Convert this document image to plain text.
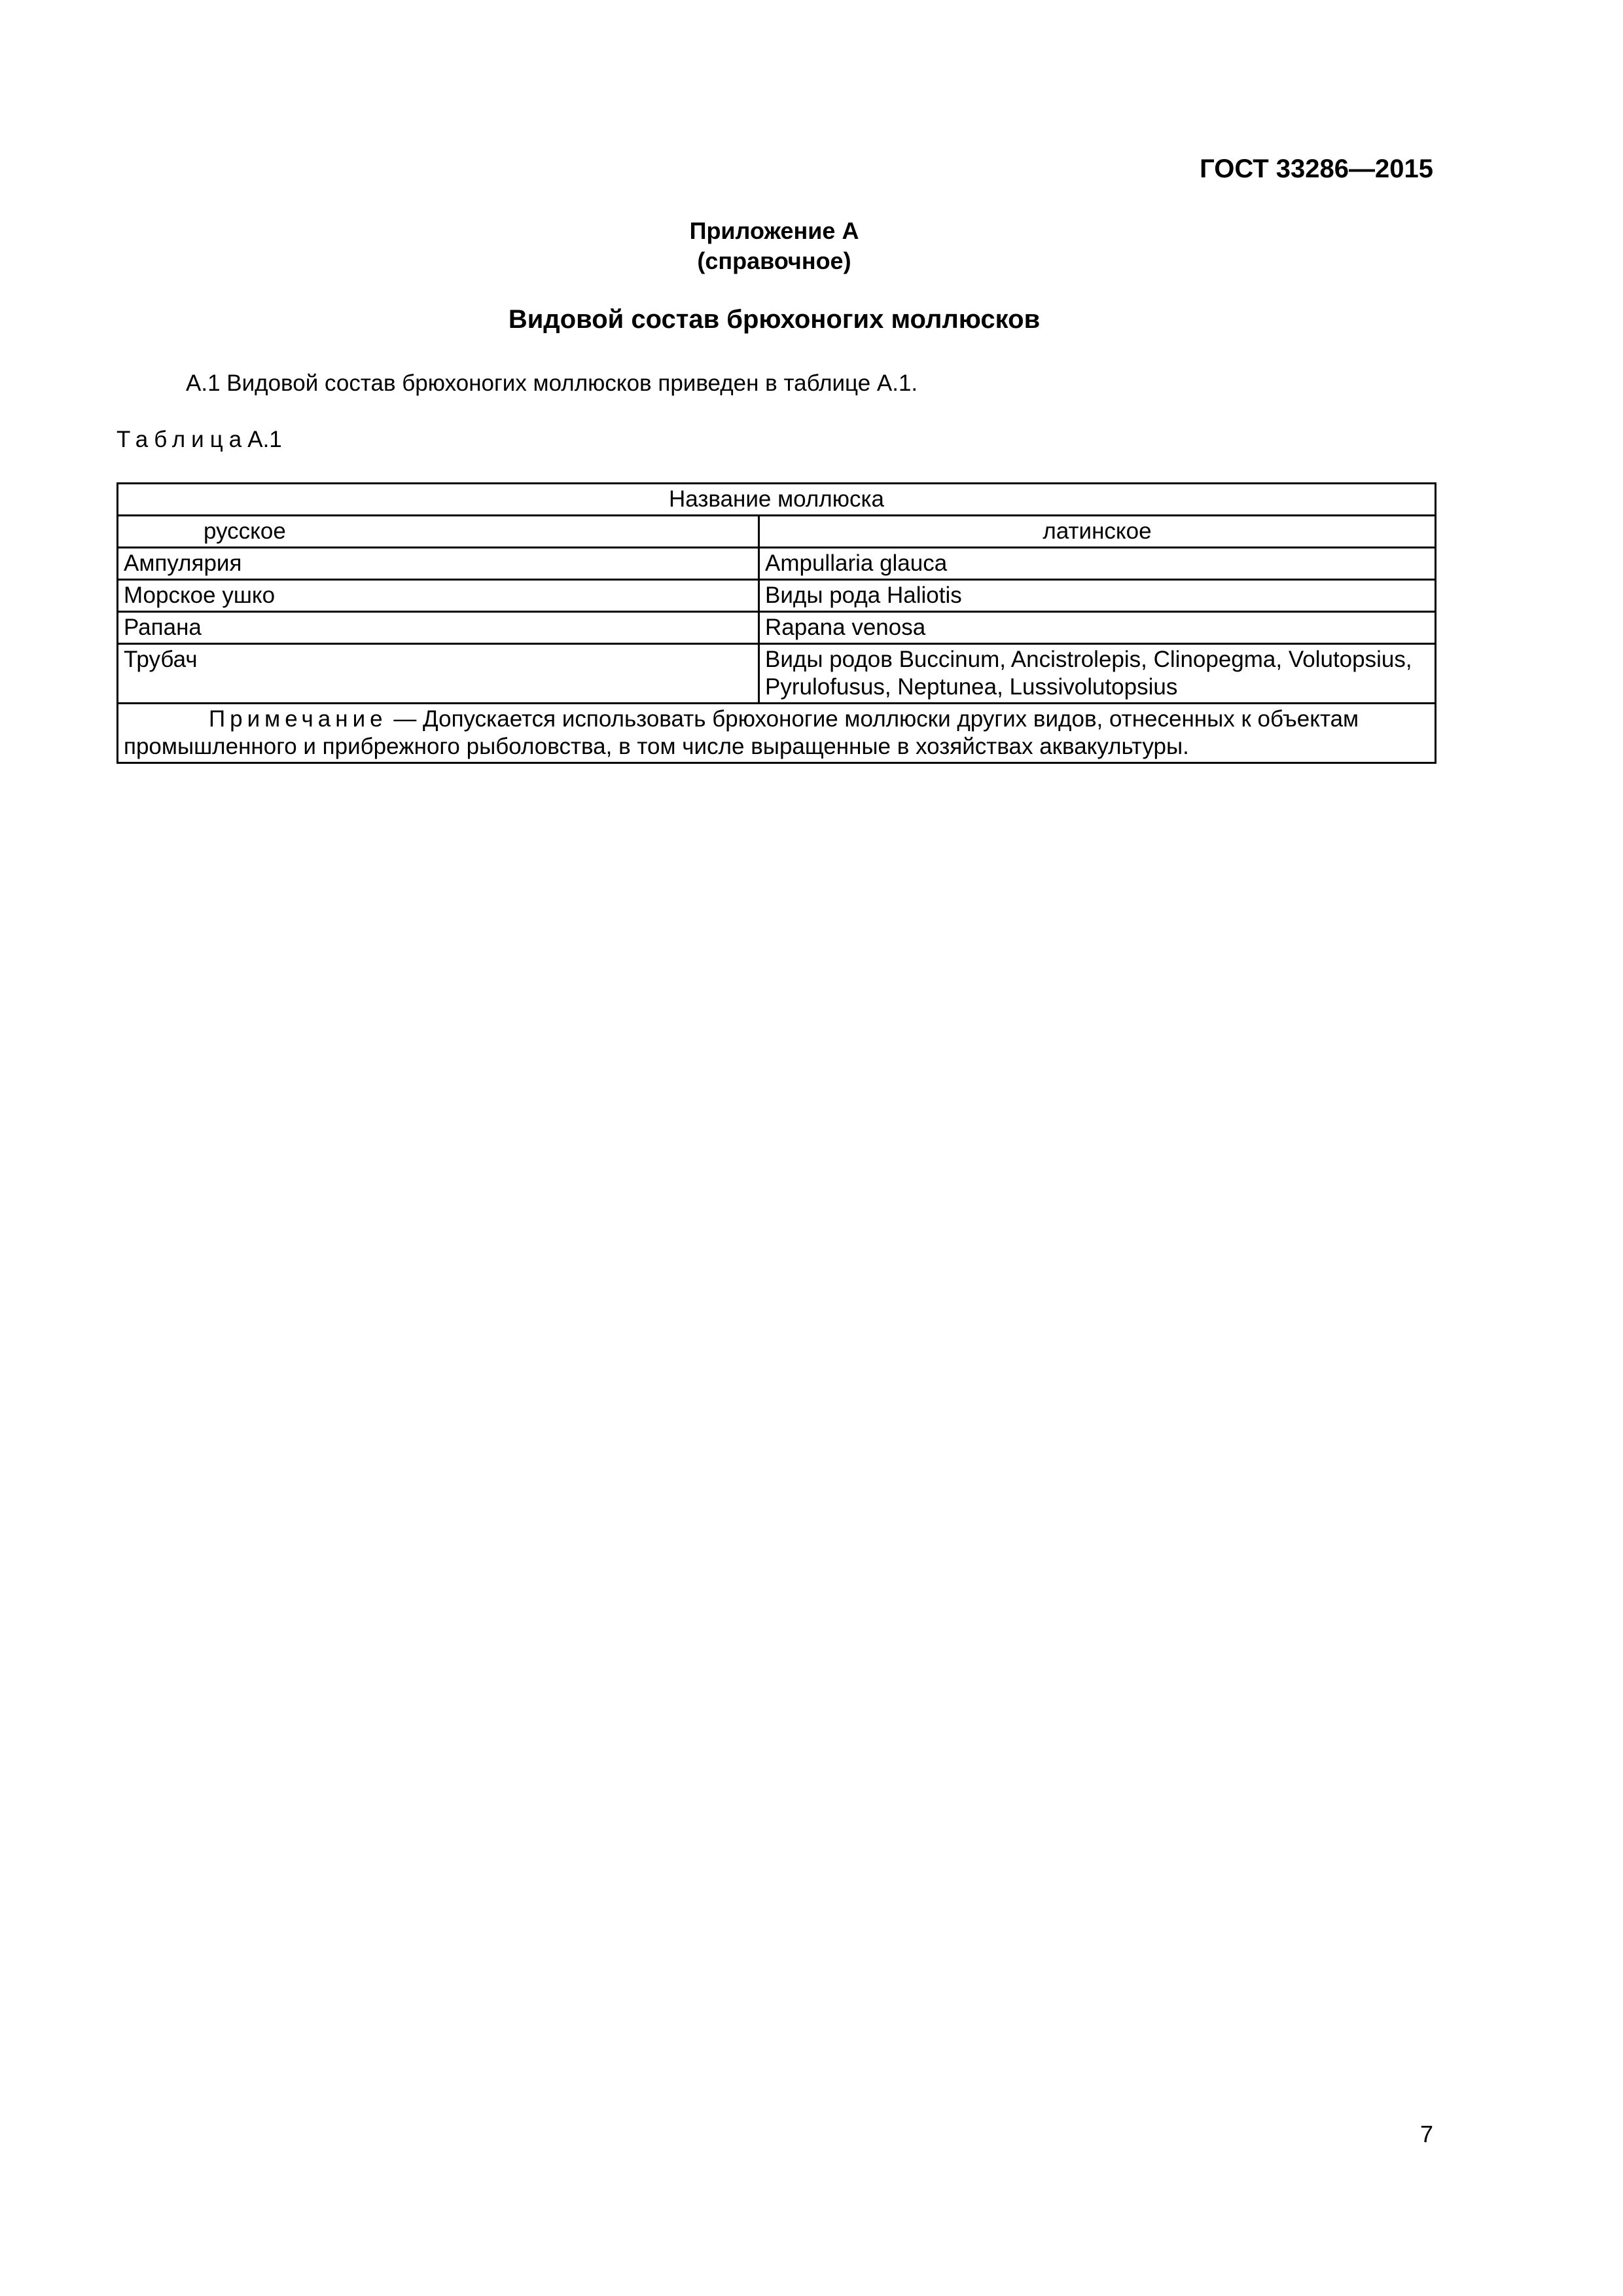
ГОСТ 33286—2015
Приложение А
(справочное)
Видовой состав брюхоногих моллюсков
А.1 Видовой состав брюхоногих моллюсков приведен в таблице А.1.
ТаблицаА.1
Название моллюска	
русское	латинское
Ампулярия	Ampullaria glauca
Морское ушко	Виды рода Haliotis
Рапана	Rapana venosa
Трубач	Виды родов Buccinum, Ancistrolepis, Clinopegma, Volutopsius, Pyrulofusus, Neptunea, Lussivolutopsius
Примечание — Допускается использовать брюхоногие моллюски других видов, отнесенных к объектам промышленного и прибрежного рыболовства, в том числе выращенные в хозяйствах аквакультуры.	
7
